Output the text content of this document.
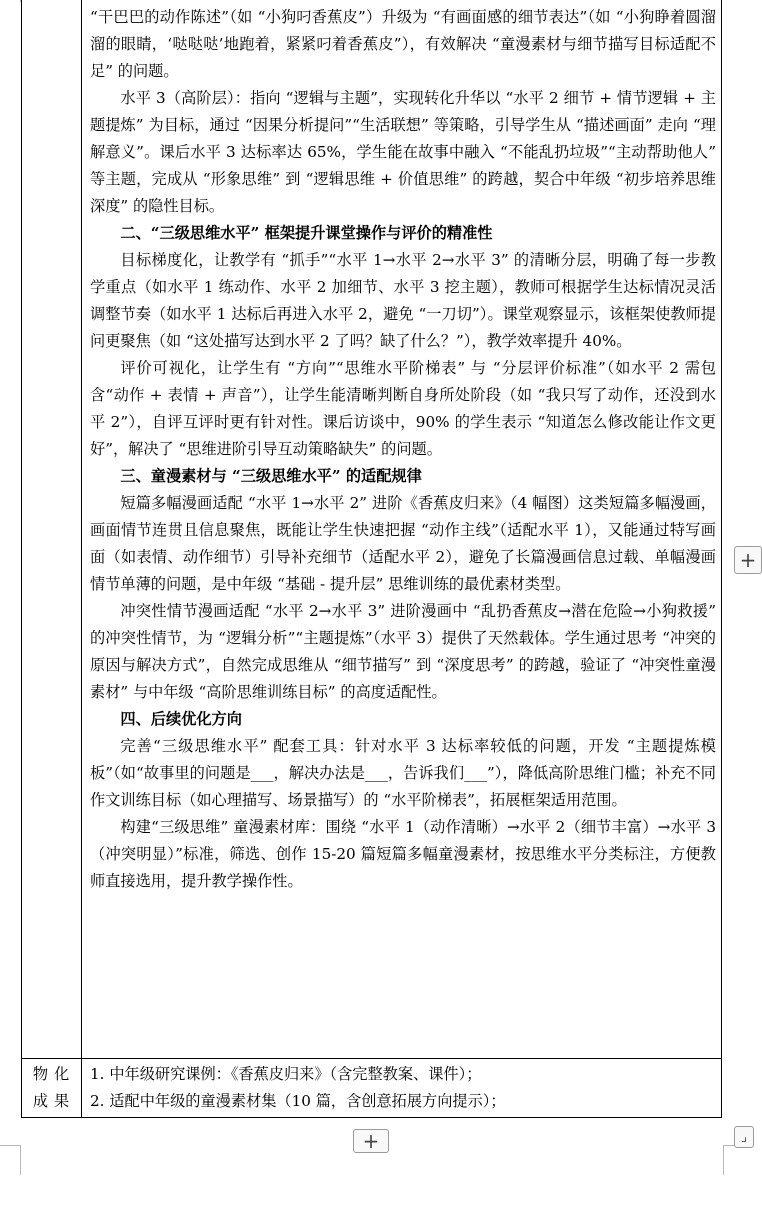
“干巴巴的动作陈述”（如 “小狗叼香蕉皮”）升级为 “有画面感的细节表达”（如 “小狗睁着圆溜溜的眼睛，‘哒哒哒’地跑着，紧紧叼着香蕉皮”），有效解决 “童漫素材与细节描写目标适配不足” 的问题。

水平 3（高阶层）：指向 “逻辑与主题”，实现转化升华以 “水平 2 细节 + 情节逻辑 + 主题提炼” 为目标，通过 “因果分析提问”“生活联想” 等策略，引导学生从 “描述画面” 走向 “理解意义”。课后水平 3 达标率达 65%，学生能在故事中融入 “不能乱扔垃圾”“主动帮助他人” 等主题，完成从 “形象思维” 到 “逻辑思维 + 价值思维” 的跨越，契合中年级 “初步培养思维深度” 的隐性目标。

二、“三级思维水平” 框架提升课堂操作与评价的精准性

目标梯度化，让教学有 “抓手”“水平 1→水平 2→水平 3” 的清晰分层，明确了每一步教学重点（如水平 1 练动作、水平 2 加细节、水平 3 挖主题），教师可根据学生达标情况灵活调整节奏（如水平 1 达标后再进入水平 2，避免 “一刀切”）。课堂观察显示，该框架使教师提问更聚焦（如 “这处描写达到水平 2 了吗？缺了什么？”），教学效率提升 40%。

评价可视化，让学生有 “方向”“思维水平阶梯表” 与 “分层评价标准”（如水平 2 需包含“动作 + 表情 + 声音”），让学生能清晰判断自身所处阶段（如 “我只写了动作，还没到水平 2”），自评互评时更有针对性。课后访谈中，90% 的学生表示 “知道怎么修改能让作文更好”，解决了 “思维进阶引导互动策略缺失” 的问题。

三、童漫素材与 “三级思维水平” 的适配规律

短篇多幅漫画适配 “水平 1→水平 2” 进阶《香蕉皮归来》（4 幅图）这类短篇多幅漫画，画面情节连贯且信息聚焦，既能让学生快速把握 “动作主线”（适配水平 1），又能通过特写画面（如表情、动作细节）引导补充细节（适配水平 2），避免了长篇漫画信息过载、单幅漫画情节单薄的问题，是中年级 “基础 - 提升层” 思维训练的最优素材类型。

冲突性情节漫画适配 “水平 2→水平 3” 进阶漫画中 “乱扔香蕉皮→潜在危险→小狗救援” 的冲突性情节，为 “逻辑分析”“主题提炼”（水平 3）提供了天然载体。学生通过思考 “冲突的原因与解决方式”，自然完成思维从 “细节描写” 到 “深度思考” 的跨越，验证了 “冲突性童漫素材” 与中年级 “高阶思维训练目标” 的高度适配性。

四、后续优化方向

完善“三级思维水平” 配套工具：针对水平 3 达标率较低的问题，开发 “主题提炼模板”（如“故事里的问题是___，解决办法是___，告诉我们___”），降低高阶思维门槛；补充不同作文训练目标（如心理描写、场景描写）的 “水平阶梯表”，拓展框架适用范围。

构建“三级思维” 童漫素材库：围绕 “水平 1（动作清晰）→水平 2（细节丰富）→水平 3（冲突明显）”标准，筛选、创作 15-20 篇短篇多幅童漫素材，按思维水平分类标注，方便教师直接选用，提升教学操作性。

物化
成果

1. 中年级研究课例：《香蕉皮归来》（含完整教案、课件）；

2. 适配中年级的童漫素材集（10 篇，含创意拓展方向提示）；

+
+	⌟
